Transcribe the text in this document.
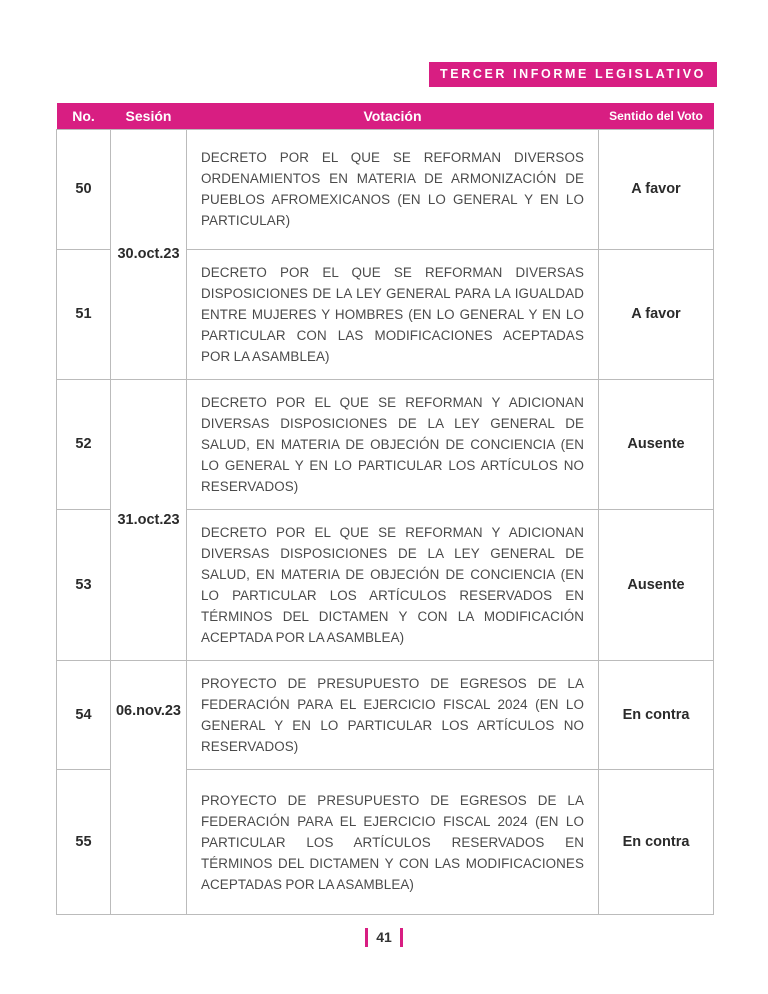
TERCER INFORME LEGISLATIVO
No.	Sesión	Votación	Sentido del Voto
50	30.oct.23	DECRETO POR EL QUE SE REFORMAN DIVERSOS ORDENAMIENTOS EN MATERIA DE ARMONIZACIÓN DE PUEBLOS AFROMEXICANOS (EN LO GENERAL Y EN LO PARTICULAR)	A favor
51		DECRETO POR EL QUE SE REFORMAN DIVERSAS DISPOSICIONES DE LA LEY GENERAL PARA LA IGUALDAD ENTRE MUJERES Y HOMBRES (EN LO GENERAL Y EN LO PARTICULAR CON LAS MODIFICACIONES ACEPTADAS POR LA ASAMBLEA)	A favor
52	31.oct.23	DECRETO POR EL QUE SE REFORMAN Y ADICIONAN DIVERSAS DISPOSICIONES DE LA LEY GENERAL DE SALUD, EN MATERIA DE OBJECIÓN DE CONCIENCIA (EN LO GENERAL Y EN LO PARTICULAR LOS ARTÍCULOS NO RESERVADOS)	Ausente
53		DECRETO POR EL QUE SE REFORMAN Y ADICIONAN DIVERSAS DISPOSICIONES DE LA LEY GENERAL DE SALUD, EN MATERIA DE OBJECIÓN DE CONCIENCIA (EN LO PARTICULAR LOS ARTÍCULOS RESERVADOS EN TÉRMINOS DEL DICTAMEN Y CON LA MODIFICACIÓN ACEPTADA POR LA ASAMBLEA)	Ausente
54	06.nov.23	PROYECTO DE PRESUPUESTO DE EGRESOS DE LA FEDERACIÓN PARA EL EJERCICIO FISCAL 2024 (EN LO GENERAL Y EN LO PARTICULAR LOS ARTÍCULOS NO RESERVADOS)	En contra
55		PROYECTO DE PRESUPUESTO DE EGRESOS DE LA FEDERACIÓN PARA EL EJERCICIO FISCAL 2024 (EN LO PARTICULAR LOS ARTÍCULOS RESERVADOS EN TÉRMINOS DEL DICTAMEN Y CON LAS MODIFICACIONES ACEPTADAS POR LA ASAMBLEA)	En contra
41
